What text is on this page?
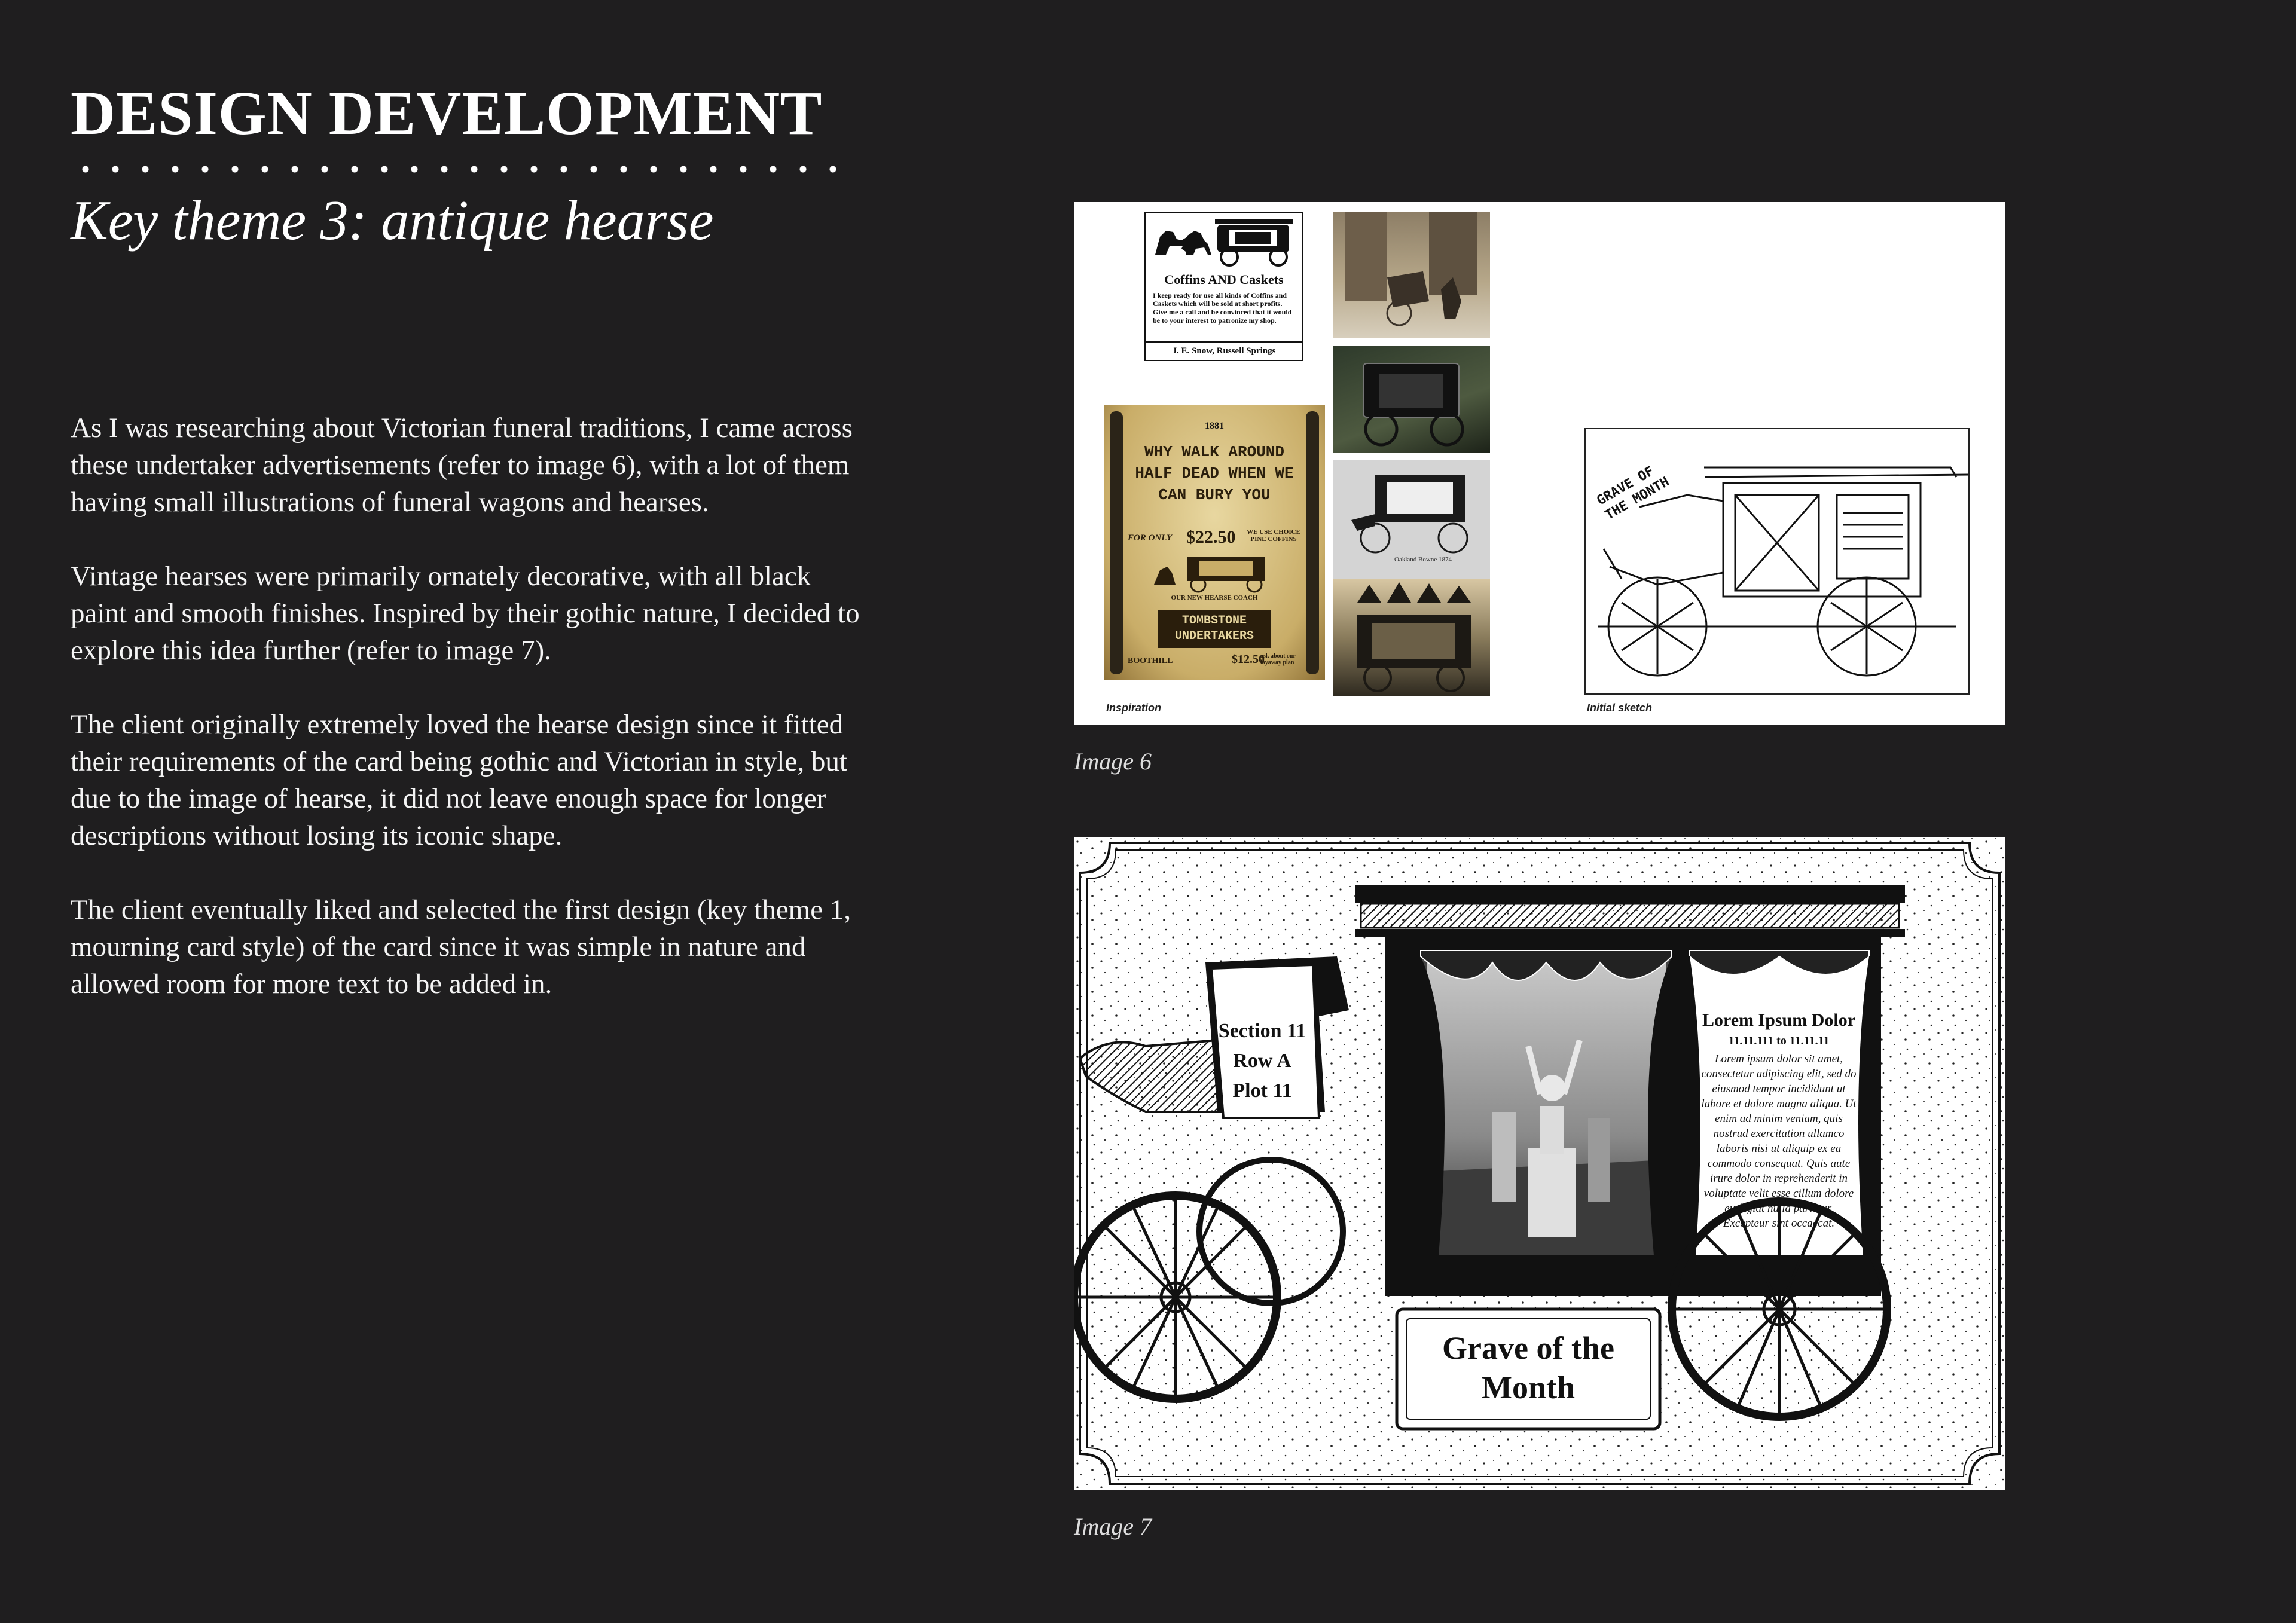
DESIGN DEVELOPMENT
Key theme 3: antique hearse

As I was researching about Victorian funeral traditions, I came across these undertaker advertisements (refer to image 6), with a lot of them having small illustrations of funeral wagons and hearses.

Vintage hearses were primarily ornately decorative, with all black paint and smooth finishes. Inspired by their gothic nature, I decided to explore this idea further (refer to image 7).

The client originally extremely loved the hearse design since it fitted their requirements of the card being gothic and Victorian in style, but due to the image of hearse, it did not leave enough space for longer descriptions without losing its iconic shape.

The client eventually liked and selected the first design (key theme 1, mourning card style) of the card since it was simple in nature and allowed room for more text to be added in.

Coffins AND Caskets
I keep ready for use all kinds of Coffins and Caskets which will be sold at short profits. Give me a call and be convinced that it would be to your interest to patronize my shop.
J. E. Snow, Russell Springs
1881
WHY WALK AROUND HALF DEAD WHEN WE CAN BURY YOU
FOR ONLY $22.50 WE USE CHOICE PINE COFFINS
OUR NEW HEARSE COACH
TOMBSTONE UNDERTAKERS
BOOTHILL	$12.50
ask about our layaway plan
Oakland Bowne 1874
GRAVE OF THE MONTH
Inspiration	Initial sketch
Image 6
Section 11
Row A
Plot 11
Lorem Ipsum Dolor
11.11.111 to 11.11.11
Lorem ipsum dolor sit amet, consectetur adipiscing elit, sed do eiusmod tempor incididunt ut labore et dolore magna aliqua. Ut enim ad minim veniam, quis nostrud exercitation ullamco laboris nisi ut aliquip ex ea commodo consequat. Quis aute irure dolor in reprehenderit in voluptate velit esse cillum dolore eu fugiat nulla pariatur. Excepteur sint occaecat.
Grave of the
Month
Image 7
